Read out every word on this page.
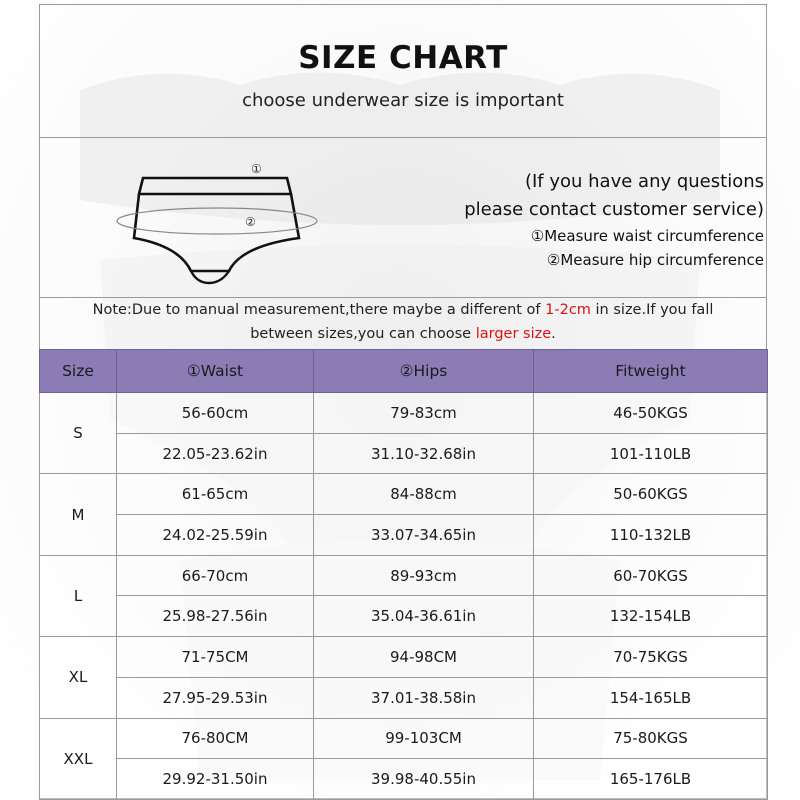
SIZE CHART
choose underwear size is important
①
②
(If you have any questions
please contact customer service)
①Measure waist circumference
②Measure hip circumference
Note:Due to manual measurement,there maybe a different of 1-2cm in size.If you fall
between sizes,you can choose larger size.
Size	①Waist	②Hips	Fitweight
S	56-60cm	79-83cm	46-50KGS
	22.05-23.62in	31.10-32.68in	101-110LB
M	61-65cm	84-88cm	50-60KGS
	24.02-25.59in	33.07-34.65in	110-132LB
L	66-70cm	89-93cm	60-70KGS
	25.98-27.56in	35.04-36.61in	132-154LB
XL	71-75CM	94-98CM	70-75KGS
	27.95-29.53in	37.01-38.58in	154-165LB
XXL	76-80CM	99-103CM	75-80KGS
	29.92-31.50in	39.98-40.55in	165-176LB
